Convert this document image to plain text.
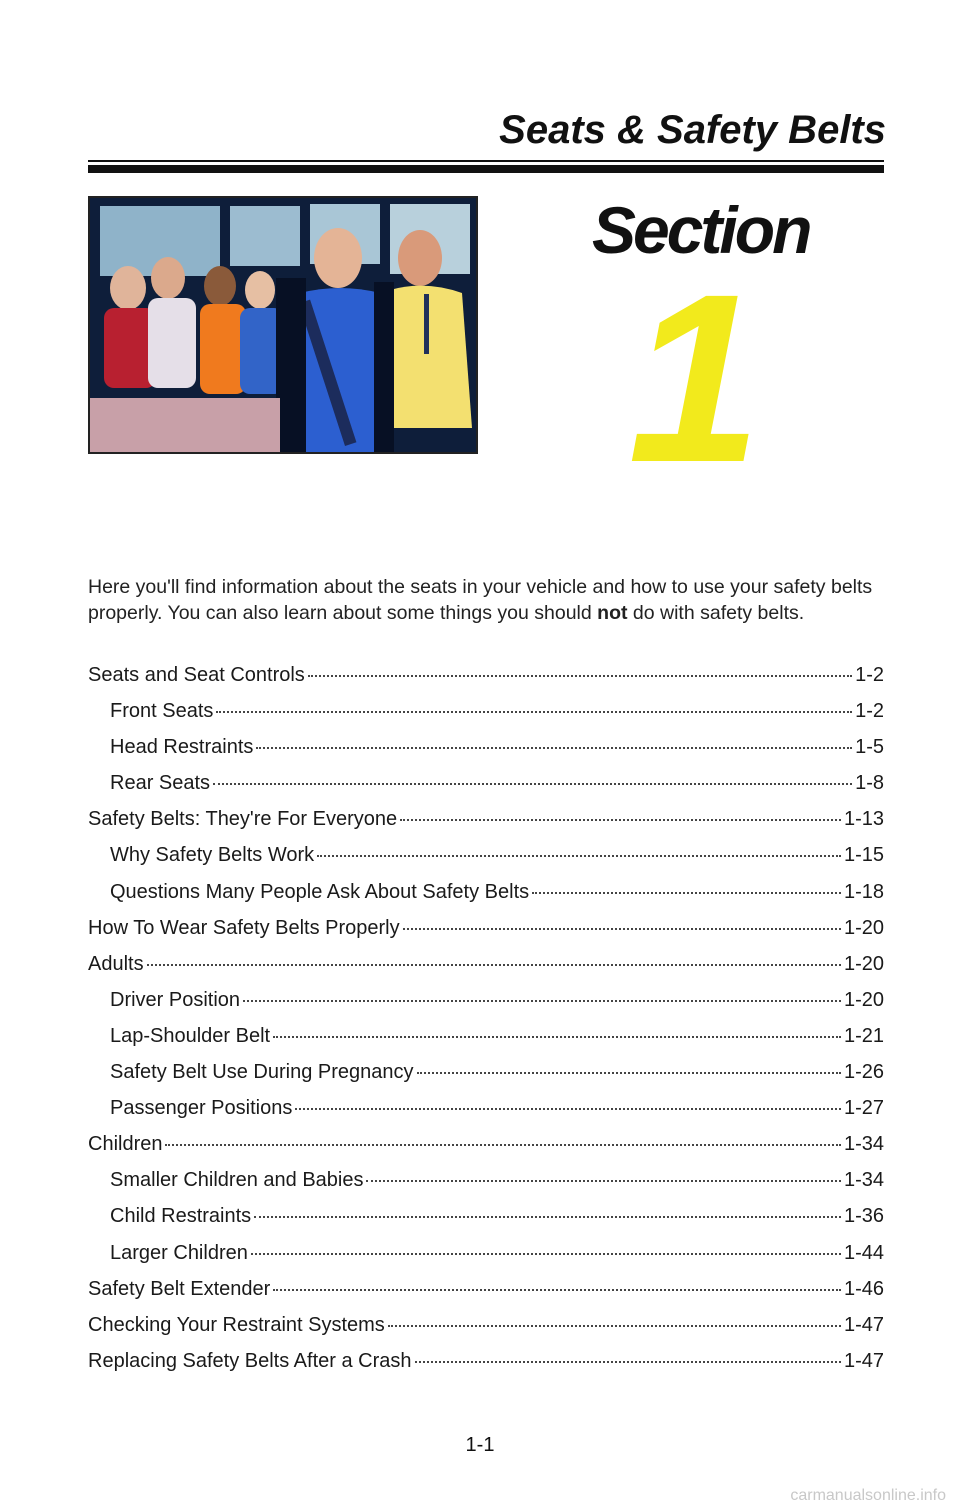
Seats & Safety Belts
Section
1

Here you'll find information about the seats in your vehicle and how to use your safety belts properly. You can also learn about some things you should not do with safety belts.

Seats and Seat Controls	1-2
Front Seats	1-2
Head Restraints	1-5
Rear Seats	1-8
Safety Belts: They're For Everyone	1-13
Why Safety Belts Work	1-15
Questions Many People Ask About Safety Belts	1-18
How To Wear Safety Belts Properly	1-20
Adults	1-20
Driver Position	1-20
Lap-Shoulder Belt	1-21
Safety Belt Use During Pregnancy	1-26
Passenger Positions	1-27
Children	1-34
Smaller Children and Babies	1-34
Child Restraints	1-36
Larger Children	1-44
Safety Belt Extender	1-46
Checking Your Restraint Systems	1-47
Replacing Safety Belts After a Crash	1-47
1-1
carmanualsonline.info
